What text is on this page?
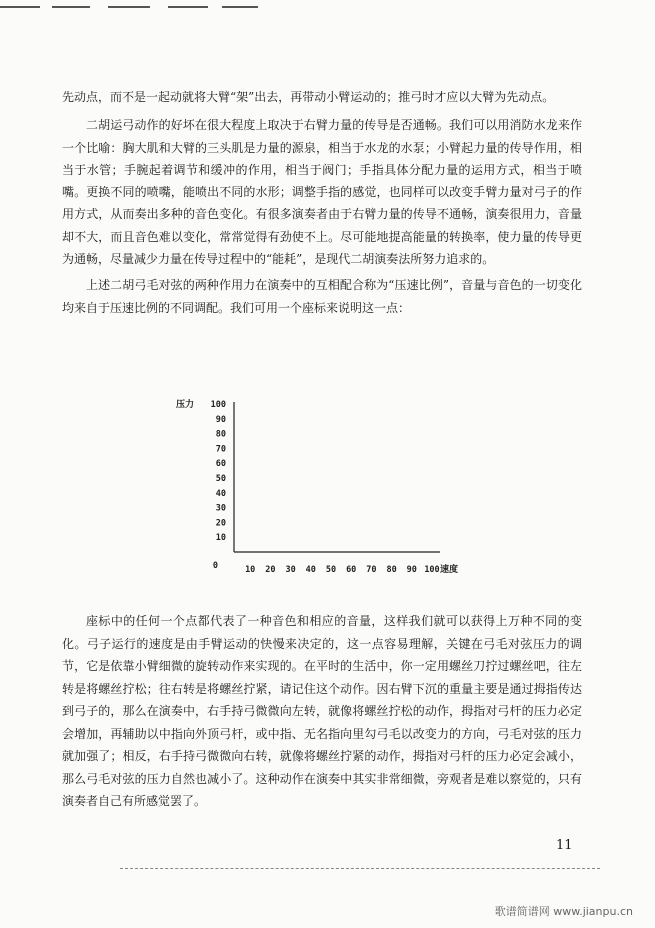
先动点，而不是一起动就将大臂“架”出去，再带动小臂运动的；推弓时才应以大臂为先动点。

二胡运弓动作的好坏在很大程度上取决于右臂力量的传导是否通畅。我们可以用消防水龙来作一个比喻：胸大肌和大臂的三头肌是力量的源泉，相当于水龙的水泵；小臂起力量的传导作用，相当于水管；手腕起着调节和缓冲的作用，相当于阀门；手指具体分配力量的运用方式，相当于喷嘴。更换不同的喷嘴，能喷出不同的水形；调整手指的感觉，也同样可以改变手臂力量对弓子的作用方式，从而奏出多种的音色变化。有很多演奏者由于右臂力量的传导不通畅，演奏很用力，音量却不大，而且音色难以变化，常常觉得有劲使不上。尽可能地提高能量的转换率，使力量的传导更为通畅，尽量减少力量在传导过程中的“能耗”，是现代二胡演奏法所努力追求的。

上述二胡弓毛对弦的两种作用力在演奏中的互相配合称为“压速比例”，音量与音色的一切变化均来自于压速比例的不同调配。我们可用一个座标来说明这一点：

压力 100
90
80
70
60
50
40
30
20
10
0	10 20 30 40 50 60 70 80 90 100 速度

座标中的任何一个点都代表了一种音色和相应的音量，这样我们就可以获得上万种不同的变化。弓子运行的速度是由手臂运动的快慢来决定的，这一点容易理解，关键在弓毛对弦压力的调节，它是依靠小臂细微的旋转动作来实现的。在平时的生活中，你一定用螺丝刀拧过螺丝吧，往左转是将螺丝拧松；往右转是将螺丝拧紧，请记住这个动作。因右臂下沉的重量主要是通过拇指传达到弓子的，那么在演奏中，右手持弓微微向左转，就像将螺丝拧松的动作，拇指对弓杆的压力必定会增加，再辅助以中指向外顶弓杆，或中指、无名指向里勾弓毛以改变力的方向，弓毛对弦的压力就加强了；相反，右手持弓微微向右转，就像将螺丝拧紧的动作，拇指对弓杆的压力必定会减小，那么弓毛对弦的压力自然也减小了。这种动作在演奏中其实非常细微，旁观者是难以察觉的，只有演奏者自己有所感觉罢了。

11
歌谱简谱网 www.jianpu.cn
